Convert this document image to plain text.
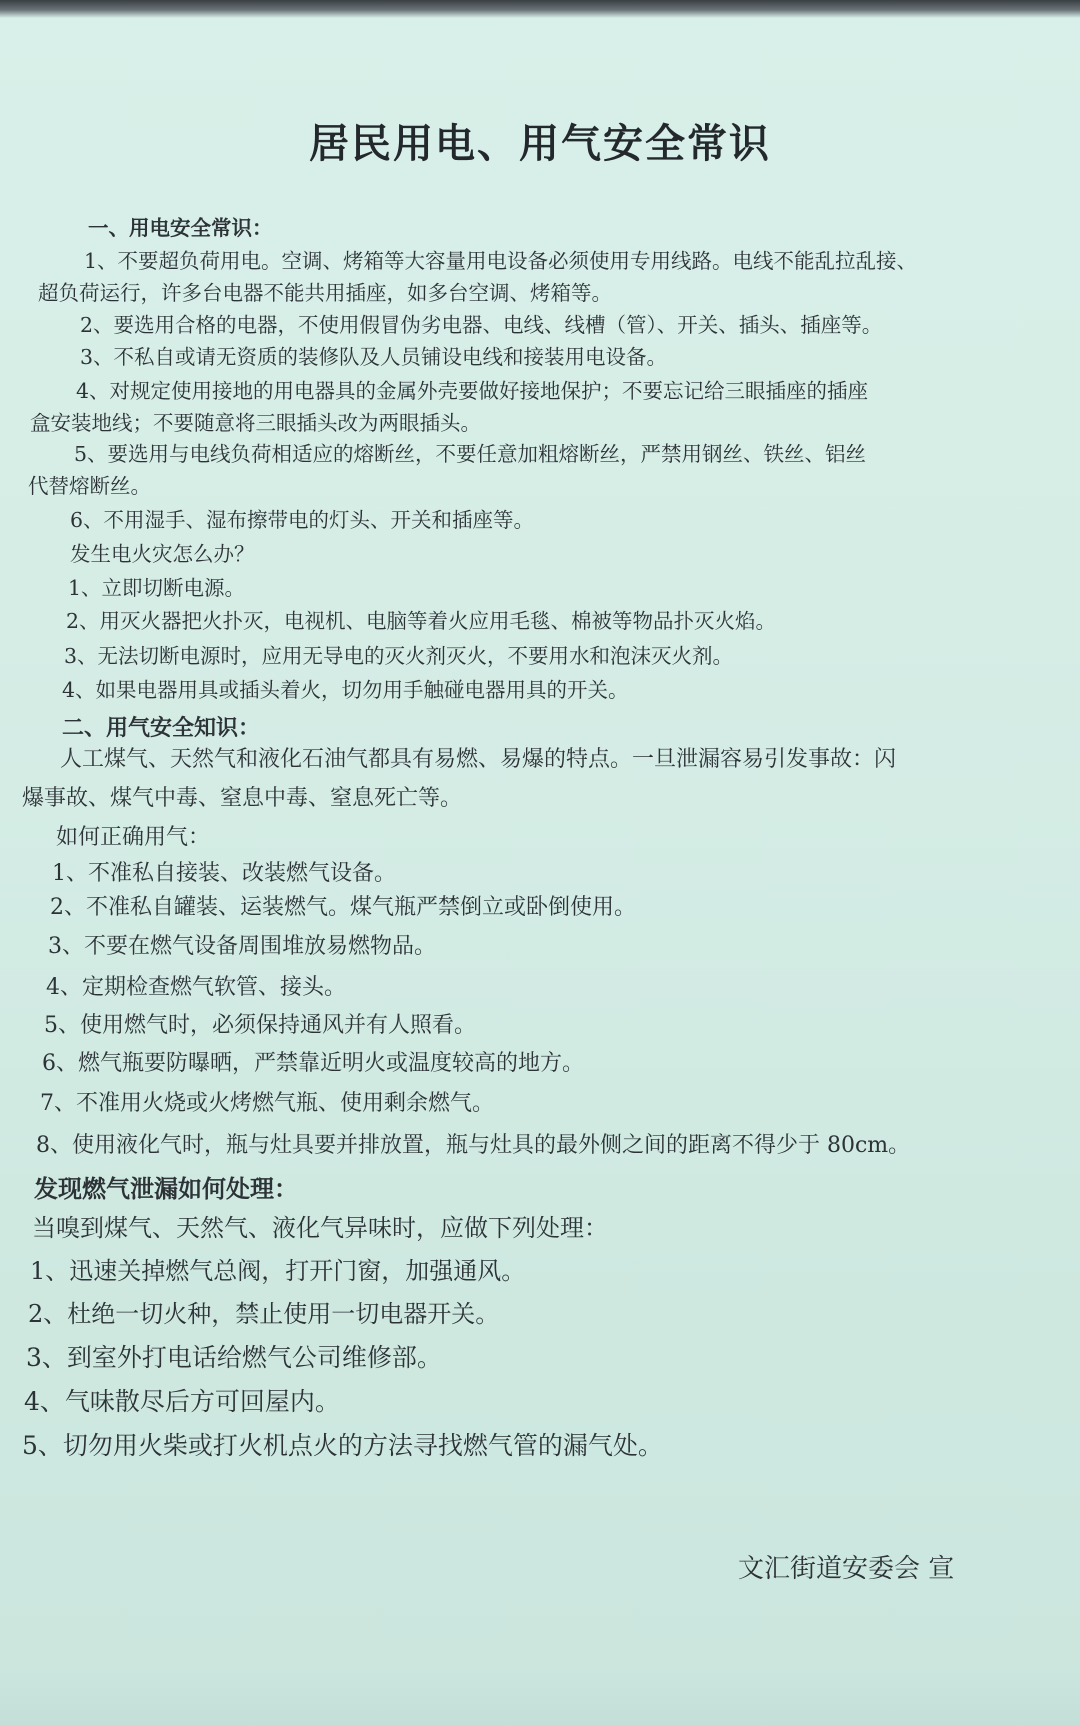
居民用电、用气安全常识
一、用电安全常识：
1、不要超负荷用电。空调、烤箱等大容量用电设备必须使用专用线路。电线不能乱拉乱接、
超负荷运行，许多台电器不能共用插座，如多台空调、烤箱等。
2、要选用合格的电器，不使用假冒伪劣电器、电线、线槽（管）、开关、插头、插座等。
3、不私自或请无资质的装修队及人员铺设电线和接装用电设备。
4、对规定使用接地的用电器具的金属外壳要做好接地保护；不要忘记给三眼插座的插座
盒安装地线；不要随意将三眼插头改为两眼插头。
5、要选用与电线负荷相适应的熔断丝，不要任意加粗熔断丝，严禁用钢丝、铁丝、铝丝
代替熔断丝。
6、不用湿手、湿布擦带电的灯头、开关和插座等。
发生电火灾怎么办？
1、立即切断电源。
2、用灭火器把火扑灭，电视机、电脑等着火应用毛毯、棉被等物品扑灭火焰。
3、无法切断电源时，应用无导电的灭火剂灭火，不要用水和泡沫灭火剂。
4、如果电器用具或插头着火，切勿用手触碰电器用具的开关。
二、用气安全知识：
人工煤气、天然气和液化石油气都具有易燃、易爆的特点。一旦泄漏容易引发事故：闪
爆事故、煤气中毒、窒息中毒、窒息死亡等。
如何正确用气：
1、不准私自接装、改装燃气设备。
2、不准私自罐装、运装燃气。煤气瓶严禁倒立或卧倒使用。
3、不要在燃气设备周围堆放易燃物品。
4、定期检查燃气软管、接头。
5、使用燃气时，必须保持通风并有人照看。
6、燃气瓶要防曝晒，严禁靠近明火或温度较高的地方。
7、不准用火烧或火烤燃气瓶、使用剩余燃气。
8、使用液化气时，瓶与灶具要并排放置，瓶与灶具的最外侧之间的距离不得少于 80cm。
发现燃气泄漏如何处理：
当嗅到煤气、天然气、液化气异味时，应做下列处理：
1、迅速关掉燃气总阀，打开门窗，加强通风。
2、杜绝一切火种，禁止使用一切电器开关。
3、到室外打电话给燃气公司维修部。
4、气味散尽后方可回屋内。
5、切勿用火柴或打火机点火的方法寻找燃气管的漏气处。
文汇街道安委会 宣
